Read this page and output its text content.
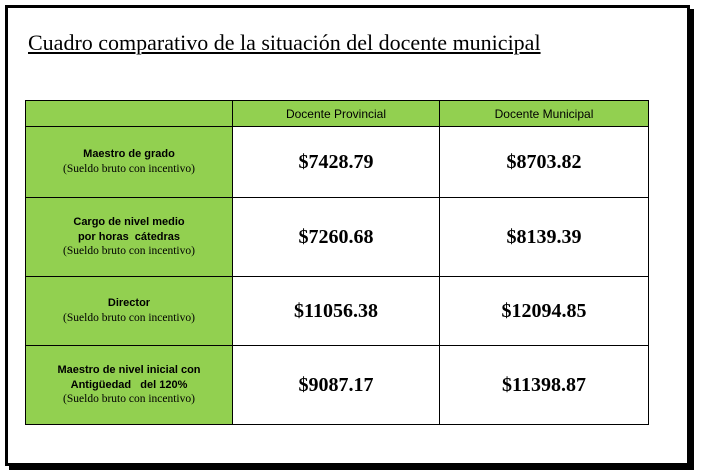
Cuadro comparativo de la situación del docente municipal
	Docente Provincial	Docente Municipal

Maestro de grado
(Sueldo bruto con incentivo)	$7428.79	$8703.82

Cargo de nivel medio
por horas  cátedras
(Sueldo bruto con incentivo)	$7260.68	$8139.39

Director
(Sueldo bruto con incentivo)	$11056.38	$12094.85

Maestro de nivel inicial con
Antigüedad   del 120%
(Sueldo bruto con incentivo)	$9087.17	$11398.87
